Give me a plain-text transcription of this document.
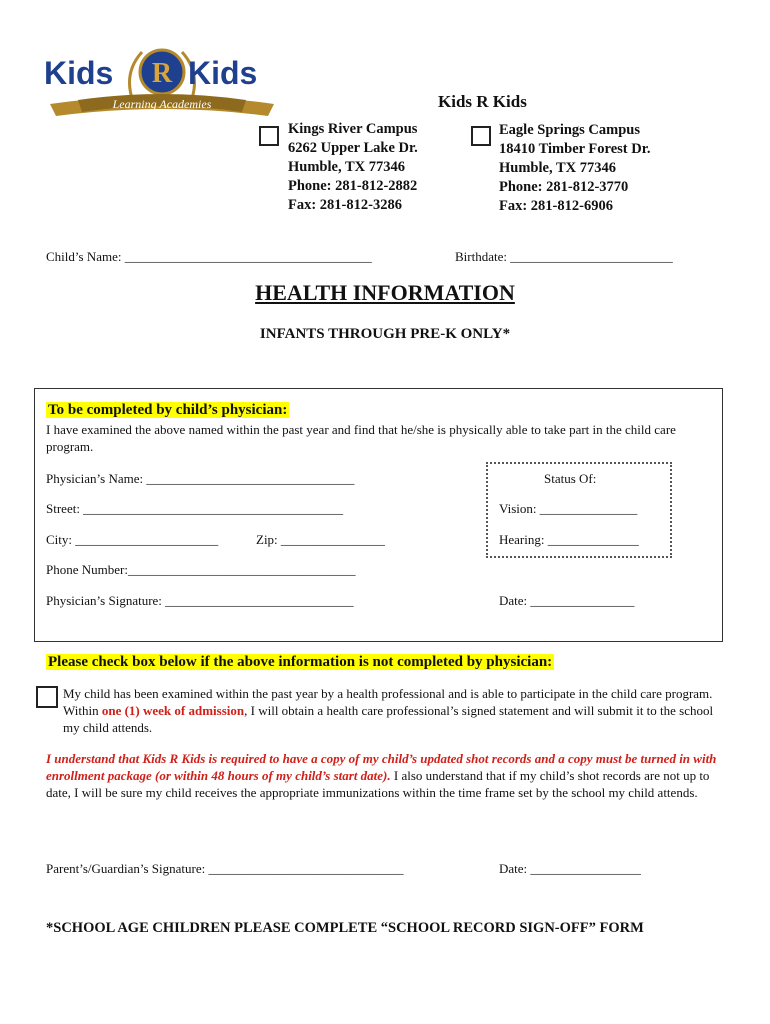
R
Kids Kids
Learning Academies	Kids R Kids
Kings River Campus
6262 Upper Lake Dr.
Humble, TX 77346
Phone: 281-812-2882
Fax: 281-812-3286
Eagle Springs Campus
18410 Timber Forest Dr.
Humble, TX 77346
Phone: 281-812-3770
Fax: 281-812-6906
Child’s Name: ______________________________________	Birthdate: _________________________
HEALTH INFORMATION
INFANTS THROUGH PRE-K ONLY*
To be completed by child’s physician:
I have examined the above named within the past year and find that he/she is physically able to take part in the child care program.
Physician’s Name: ________________________________
Street: ________________________________________
City: ______________________	Zip: ________________
Phone Number:___________________________________
Physician’s Signature: _____________________________
Status Of:
Vision: _______________
Hearing: ______________
Date: ________________
Please check box below if the above information is not completed by physician:
My child has been examined within the past year by a health professional and is able to participate in the child care program. Within one (1) week of admission, I will obtain a health care professional’s signed statement and will submit it to the school my child attends.
I understand that Kids R Kids is required to have a copy of my child’s updated shot records and a copy must be turned in with enrollment package (or within 48 hours of my child’s start date). I also understand that if my child’s shot records are not up to date, I will be sure my child receives the appropriate immunizations within the time frame set by the school my child attends.
Parent’s/Guardian’s Signature: ______________________________	Date: _________________
*SCHOOL AGE CHILDREN PLEASE COMPLETE “SCHOOL RECORD SIGN-OFF” FORM
